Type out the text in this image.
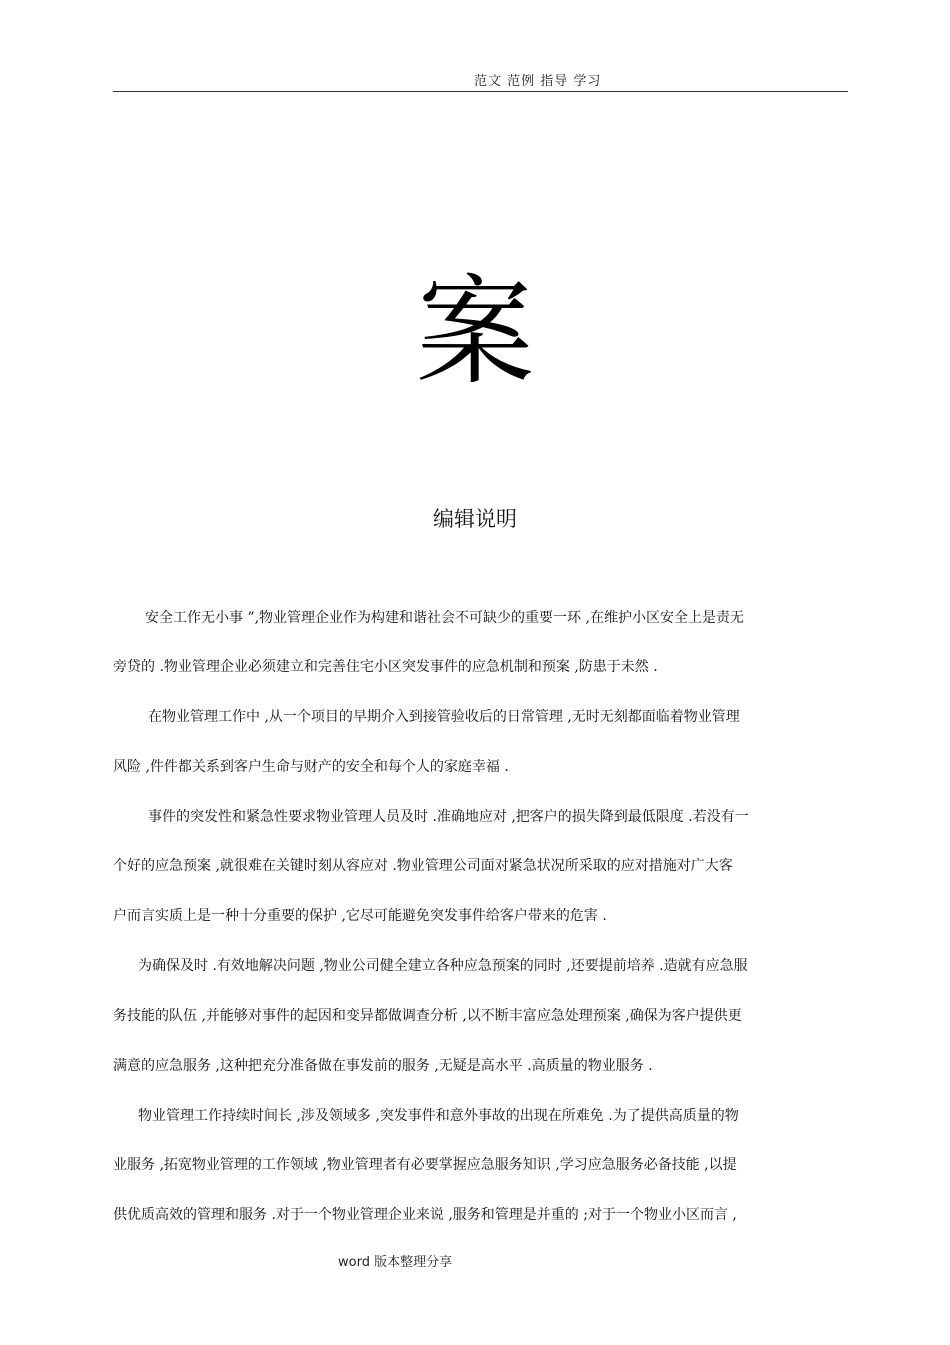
范文 范例 指导 学习
案
编辑说明
安全工作无小事 ”,物业管理企业作为构建和谐社会不可缺少的重要一环 ,在维护小区安全上是责无
旁贷的 .物业管理企业必须建立和完善住宅小区突发事件的应急机制和预案 ,防患于未然 .
在物业管理工作中 ,从一个项目的早期介入到接管验收后的日常管理 ,无时无刻都面临着物业管理
风险 ,件件都关系到客户生命与财产的安全和每个人的家庭幸福 .
事件的突发性和紧急性要求物业管理人员及时 .准确地应对 ,把客户的损失降到最低限度 .若没有一
个好的应急预案 ,就很难在关键时刻从容应对 .物业管理公司面对紧急状况所采取的应对措施对广大客
户而言实质上是一种十分重要的保护 ,它尽可能避免突发事件给客户带来的危害 .
为确保及时 .有效地解决问题 ,物业公司健全建立各种应急预案的同时 ,还要提前培养 .造就有应急服
务技能的队伍 ,并能够对事件的起因和变异都做调查分析 ,以不断丰富应急处理预案 ,确保为客户提供更
满意的应急服务 ,这种把充分准备做在事发前的服务 ,无疑是高水平 .高质量的物业服务 .
物业管理工作持续时间长 ,涉及领域多 ,突发事件和意外事故的出现在所难免 .为了提供高质量的物
业服务 ,拓宽物业管理的工作领域 ,物业管理者有必要掌握应急服务知识 ,学习应急服务必备技能 ,以提
供优质高效的管理和服务 .对于一个物业管理企业来说 ,服务和管理是并重的 ;对于一个物业小区而言 ,
word 版本整理分享
